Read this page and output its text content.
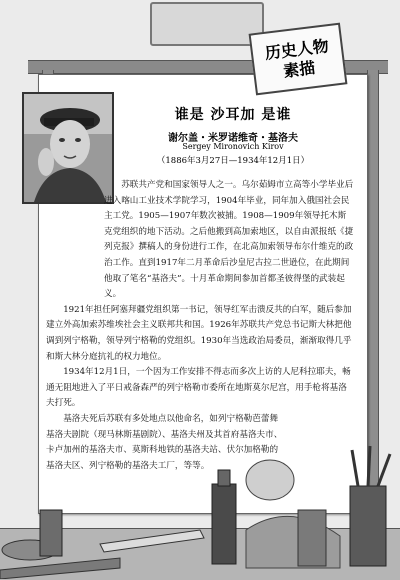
历史人物
素描
谁是 沙耳加 是谁
谢尔盖・米罗诺维奇・基洛夫
Sergey Mironovich Kirov
（1886年3月27日—1934年12月1日）

苏联共产党和国家领导人之一。乌尔茹姆市立高等小学毕业后进入喀山工业技术学院学习，1904年毕业，同年加入俄国社会民主工党。1905—1907年数次被捕。1908—1909年领导托木斯克党组织的地下活动。之后他搬到高加索地区，以自由派报纸《捷列克报》撰稿人的身份进行工作，在北高加索领导布尔什维克的政治工作。直到1917年二月革命后沙皇尼古拉二世逊位，在此期间他取了笔名“基洛夫”。十月革命期间参加首都圣彼得堡的武装起义。

1921年担任阿塞拜疆党组织第一书记，领导红军击溃反共的白军，随后参加建立外高加索苏维埃社会主义联邦共和国。1926年苏联共产党总书记斯大林把他调到列宁格勒，领导列宁格勒的党组织。1930年当选政治局委员，渐渐取得几乎和斯大林分庭抗礼的权力地位。

1934年12月1日，一个因为工作安排不得志而多次上访的人尼科拉耶夫，畅通无阻地进入了平日戒备森严的列宁格勒市委所在地斯莫尔尼宫，用手枪将基洛夫打死。

基洛夫死后苏联有多处地点以他命名，如列宁格勒芭蕾舞基洛夫剧院（现马林斯基剧院）、基洛夫州及其首府基洛夫市、卡卢加州的基洛夫市、莫斯科地铁的基洛夫站、伏尔加格勒的基洛夫区、列宁格勒的基洛夫工厂，等等。
